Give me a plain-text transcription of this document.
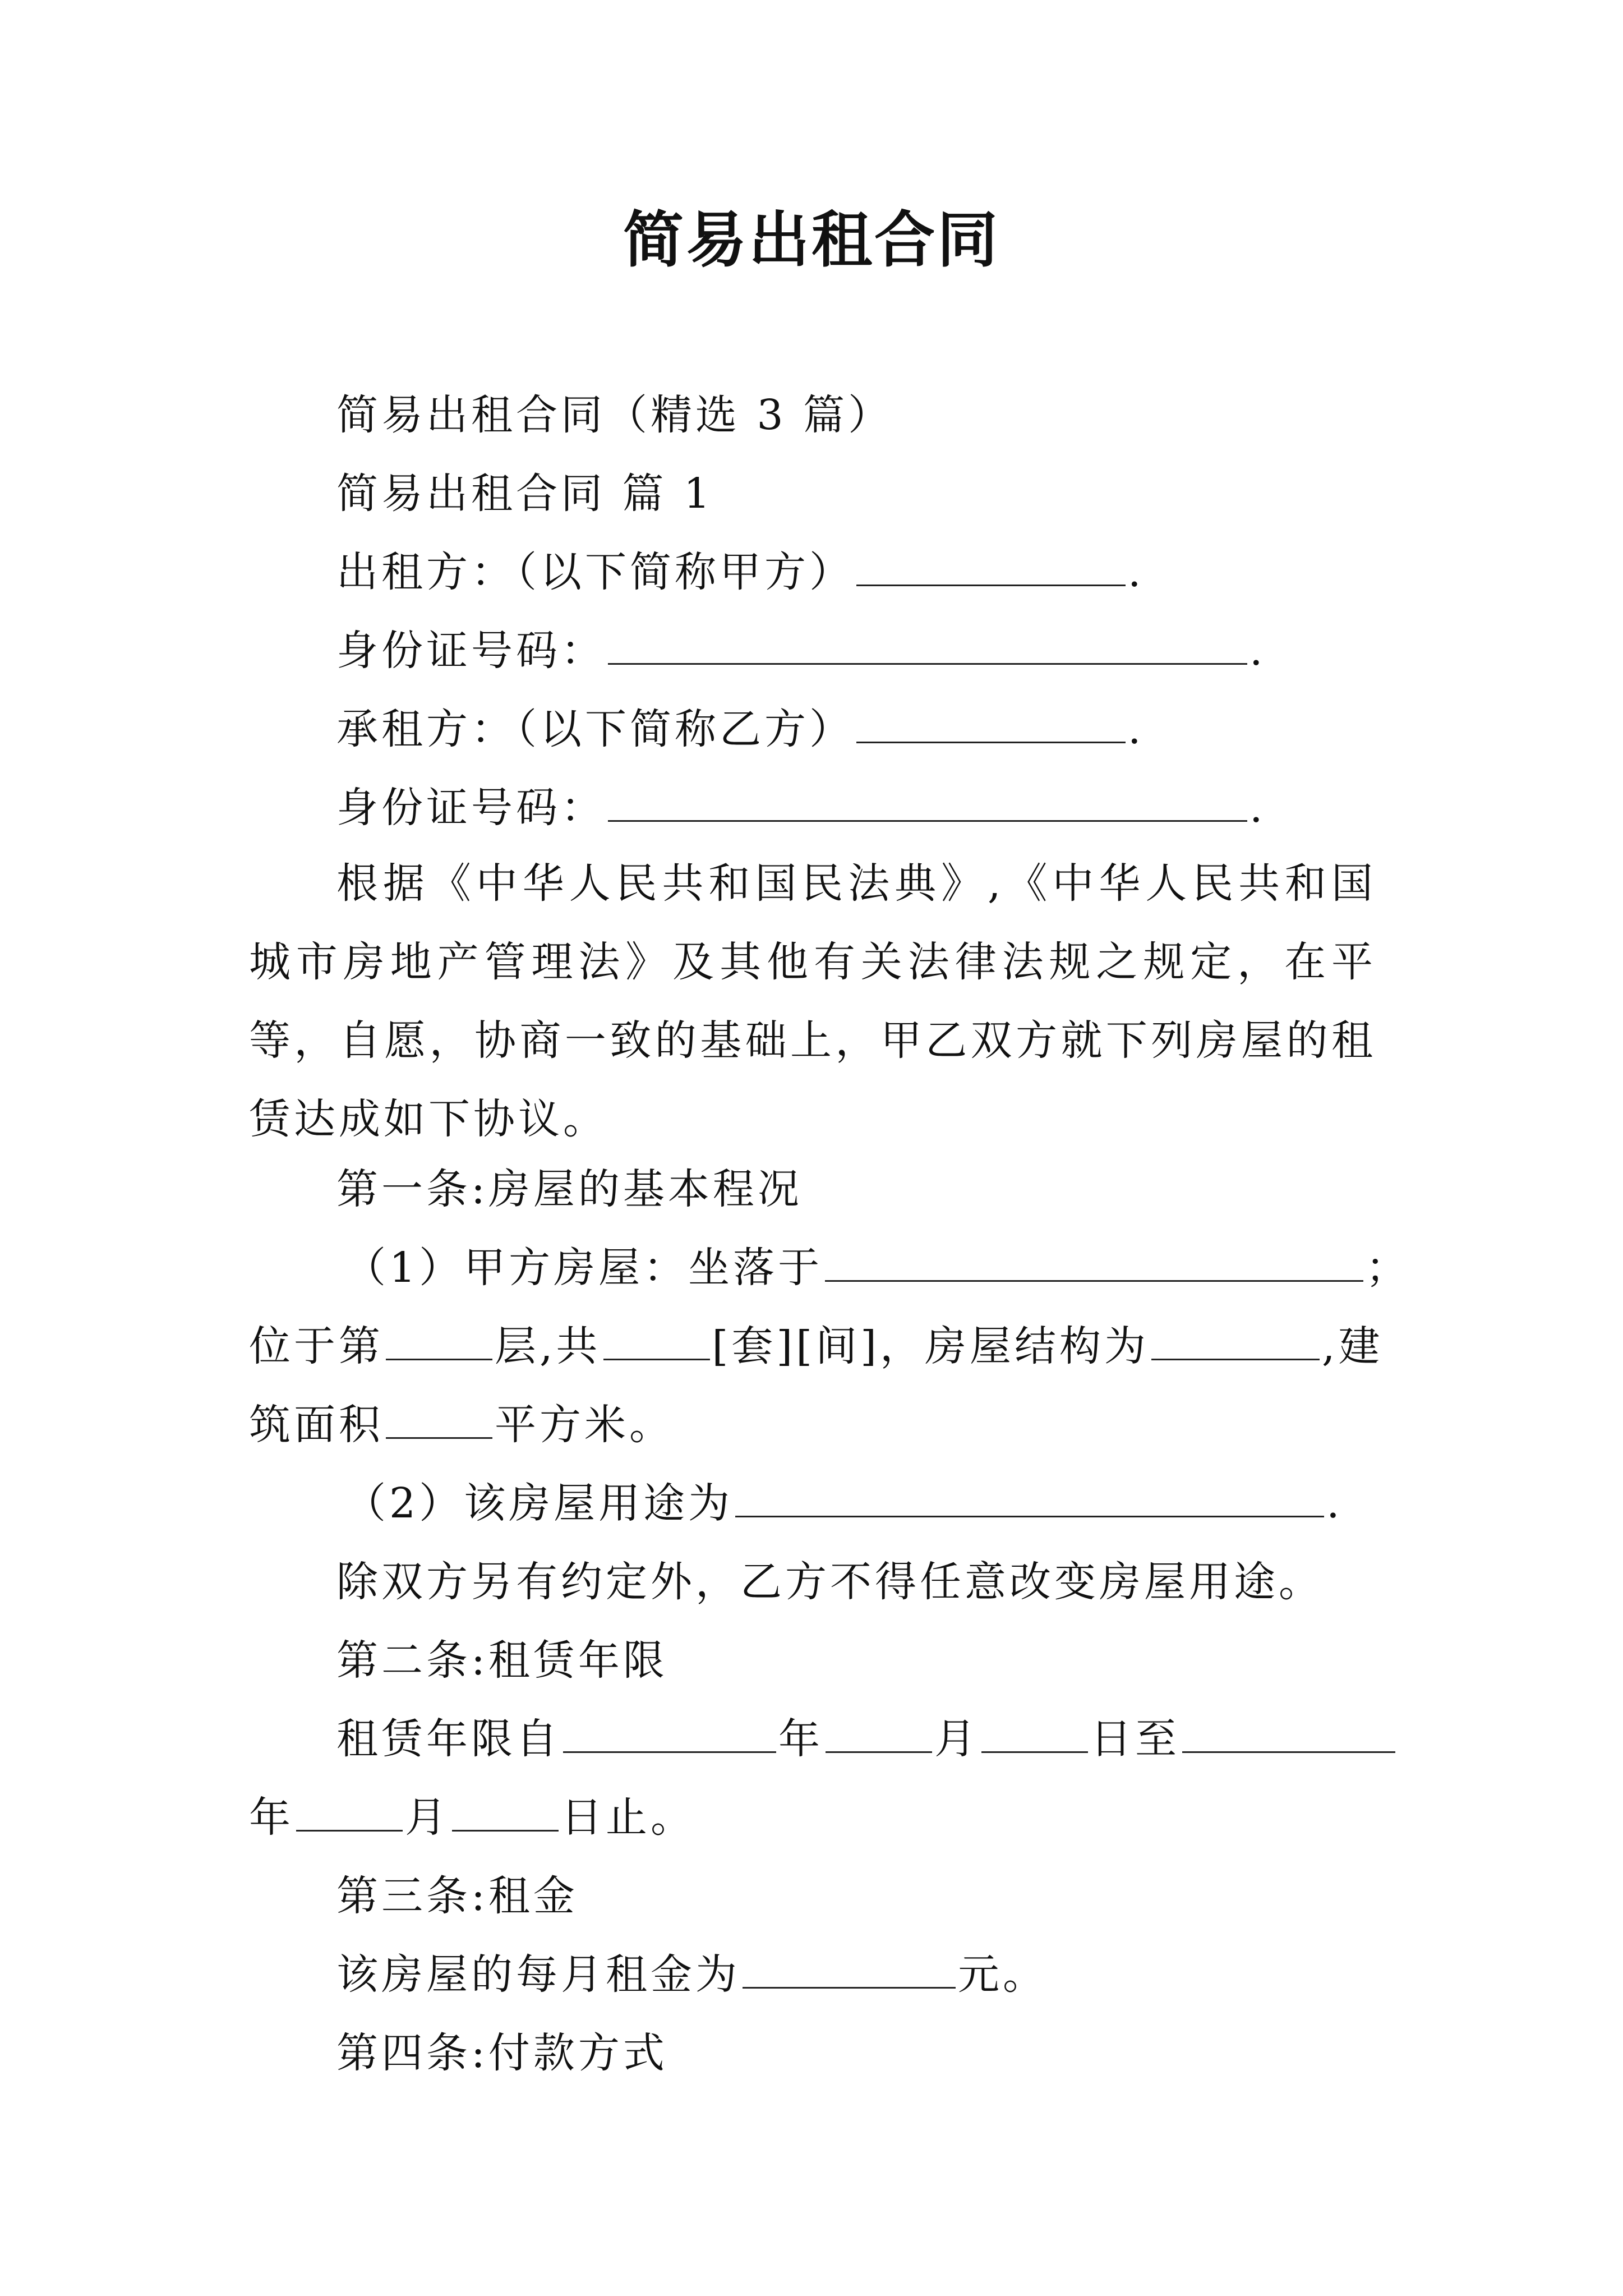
简易出租合同
简易出租合同（精选 3 篇）
简易出租合同 篇 1
出租方：（以下简称甲方）	.
身份证号码：	.
承租方：（以下简称乙方）	.
身份证号码：	.
根据《中华人民共和国民法典》,《中华人民共和国城市房地产管理法》及其他有关法律法规之规定，在平等，自愿，协商一致的基础上，甲乙双方就下列房屋的租赁达成如下协议。
第一条:房屋的基本程况
（1）甲方房屋：坐落于	；
位于第	层,共	[套][间]，房屋结构为	,建
筑面积	平方米。
（2）该房屋用途为	.
除双方另有约定外，乙方不得任意改变房屋用途。
第二条:租赁年限
租赁年限自	年	月	日至
年	月	日止。
第三条:租金
该房屋的每月租金为	元。
第四条:付款方式
